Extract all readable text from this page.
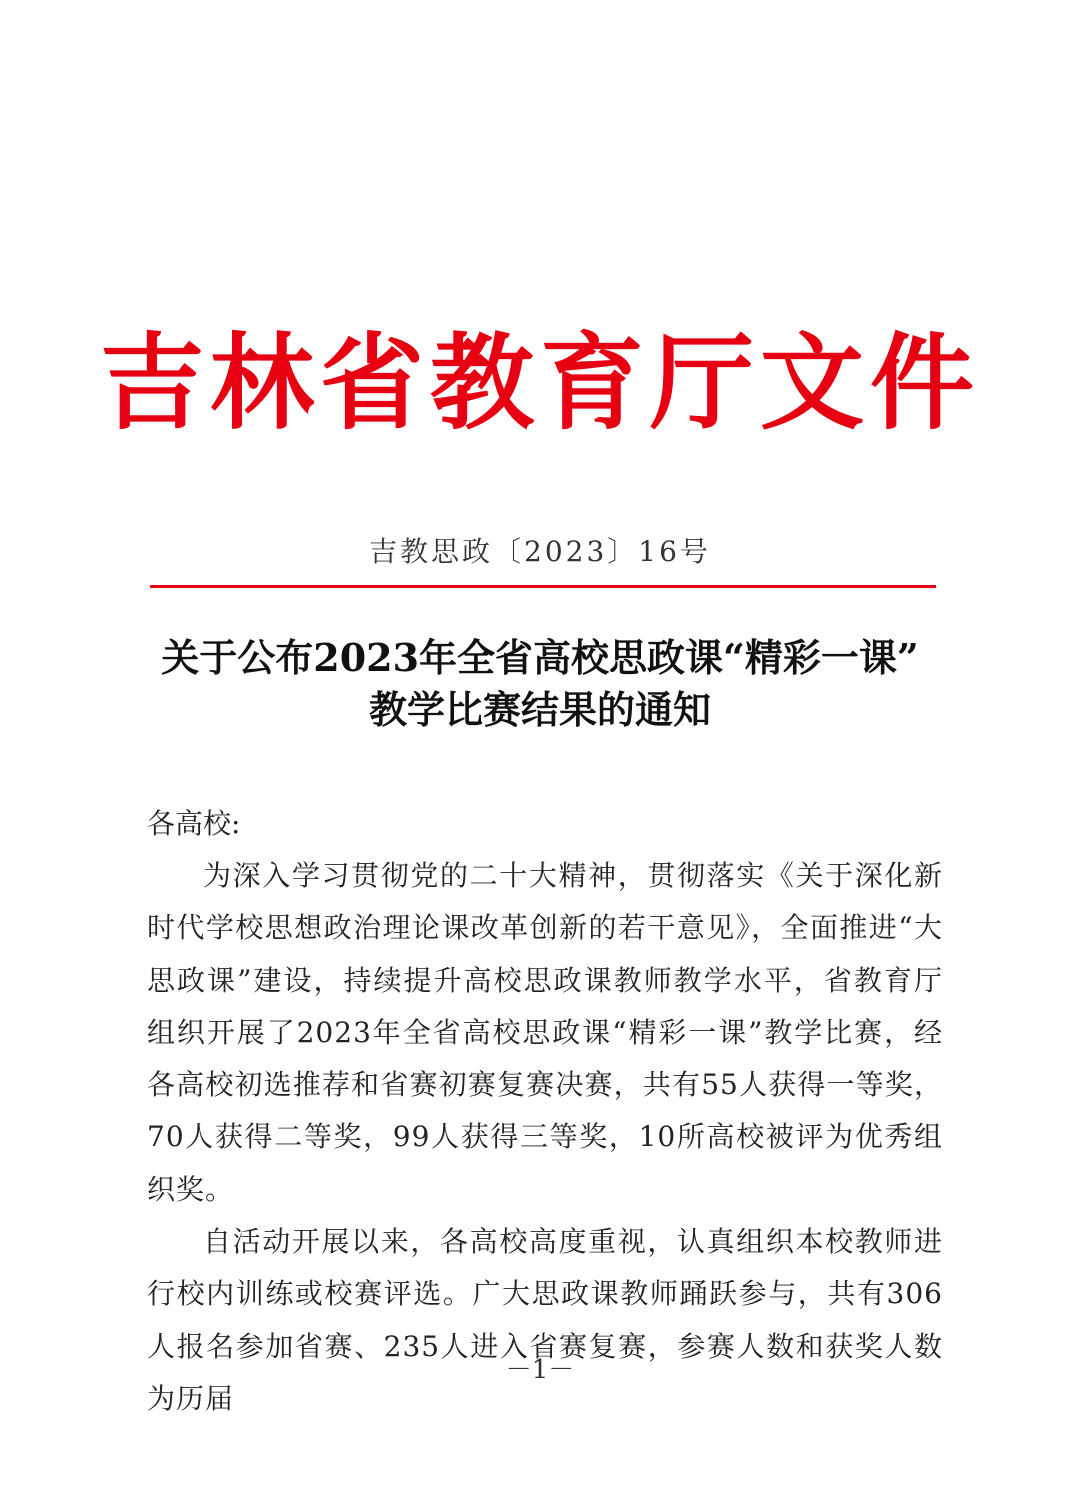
吉林省教育厅文件
吉教思政〔2023〕16号
关于公布2023年全省高校思政课“精彩一课”
教学比赛结果的通知
各高校:

为深入学习贯彻党的二十大精神，贯彻落实《关于深化新时代学校思想政治理论课改革创新的若干意见》，全面推进“大思政课”建设，持续提升高校思政课教师教学水平，省教育厅组织开展了2023年全省高校思政课“精彩一课”教学比赛，经各高校初选推荐和省赛初赛复赛决赛，共有55人获得一等奖，70人获得二等奖，99人获得三等奖，10所高校被评为优秀组织奖。

自活动开展以来，各高校高度重视，认真组织本校教师进行校内训练或校赛评选。广大思政课教师踊跃参与，共有306人报名参加省赛、235人进入省赛复赛，参赛人数和获奖人数为历届

－1－
